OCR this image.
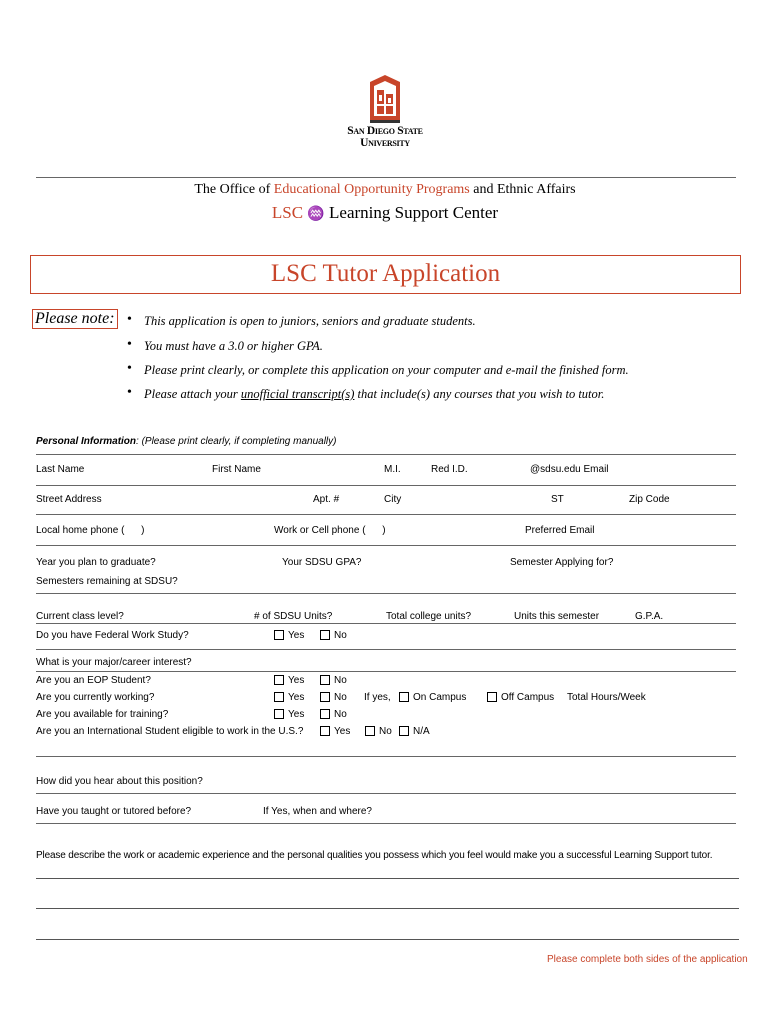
San Diego State
University
The Office of Educational Opportunity Programs and Ethnic Affairs
LSC ♒ Learning Support Center
LSC Tutor Application
Please note:
• This application is open to juniors, seniors and graduate students.
• You must have a 3.0 or higher GPA.
• Please print clearly, or complete this application on your computer and e-mail the finished form.
• Please attach your unofficial transcript(s) that include(s) any courses that you wish to tutor.
Personal Information: (Please print clearly, if completing manually)
Last Name	First Name	M.I.	Red I.D.	@sdsu.edu Email
Street Address	Apt. #	City	ST	Zip Code
Local home phone (      )	Work or Cell phone (      )	Preferred Email
Year you plan to graduate?	Your SDSU GPA?	Semester Applying for?
Semesters remaining at SDSU?
Current class level?	# of SDSU Units?	Total college units?	Units this semester	G.P.A.
Do you have Federal Work Study?	Yes	No
What is your major/career interest?
Are you an EOP Student?	Yes	No
Are you currently working?	Yes	No If yes,	On Campus	Off Campus Total Hours/Week
Are you available for training?	Yes	No
Are you an International Student eligible to work in the U.S.?	Yes	No	N/A
How did you hear about this position?
Have you taught or tutored before?	If Yes, when and where?
Please describe the work or academic experience and the personal qualities you possess which you feel would make you a successful Learning Support tutor.
Please complete both sides of the application
